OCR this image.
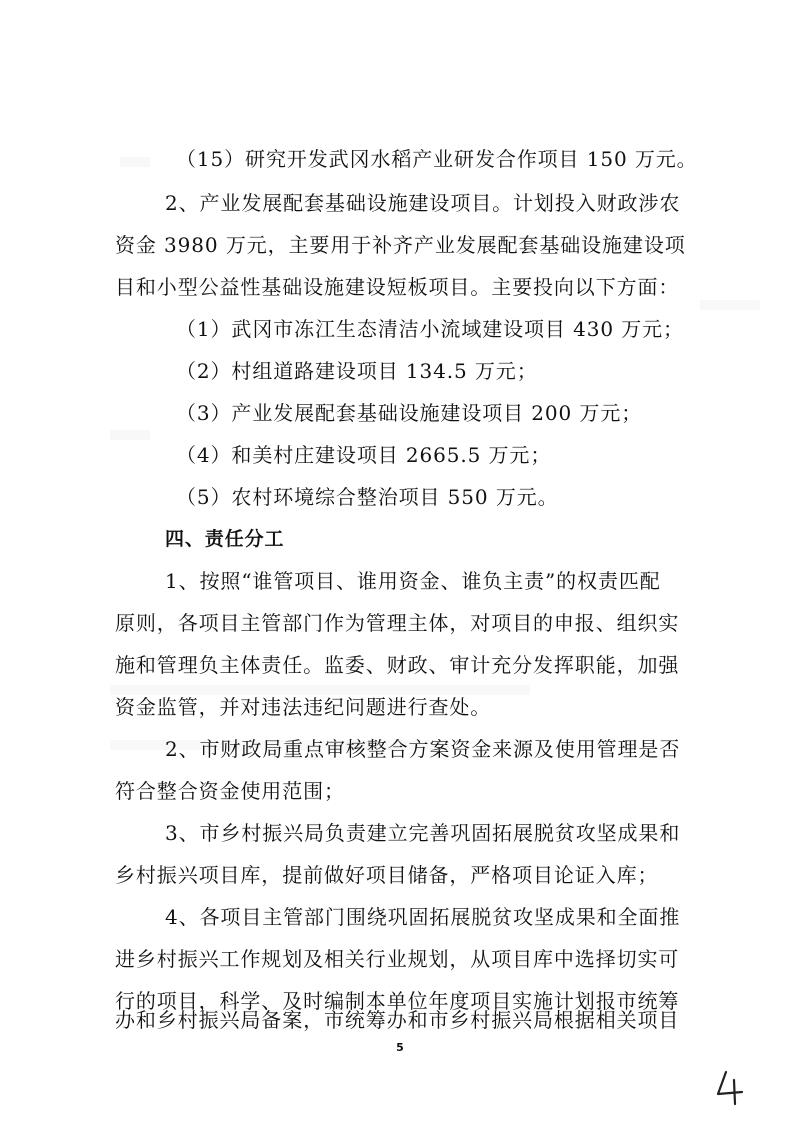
（15）研究开发武冈水稻产业研发合作项目 150 万元。
2、产业发展配套基础设施建设项目。计划投入财政涉农
资金 3980 万元，主要用于补齐产业发展配套基础设施建设项
目和小型公益性基础设施建设短板项目。主要投向以下方面：
（1）武冈市冻江生态清洁小流域建设项目 430 万元；
（2）村组道路建设项目 134.5 万元；
（3）产业发展配套基础设施建设项目 200 万元；
（4）和美村庄建设项目 2665.5 万元；
（5）农村环境综合整治项目 550 万元。
四、责任分工
1、按照“谁管项目、谁用资金、谁负主责”的权责匹配
原则，各项目主管部门作为管理主体，对项目的申报、组织实
施和管理负主体责任。监委、财政、审计充分发挥职能，加强
资金监管，并对违法违纪问题进行查处。
2、市财政局重点审核整合方案资金来源及使用管理是否
符合整合资金使用范围；
3、市乡村振兴局负责建立完善巩固拓展脱贫攻坚成果和
乡村振兴项目库，提前做好项目储备，严格项目论证入库；
4、各项目主管部门围绕巩固拓展脱贫攻坚成果和全面推
进乡村振兴工作规划及相关行业规划，从项目库中选择切实可
行的项目，科学、及时编制本单位年度项目实施计划报市统筹
办和乡村振兴局备案，市统筹办和市乡村振兴局根据相关项目
5
